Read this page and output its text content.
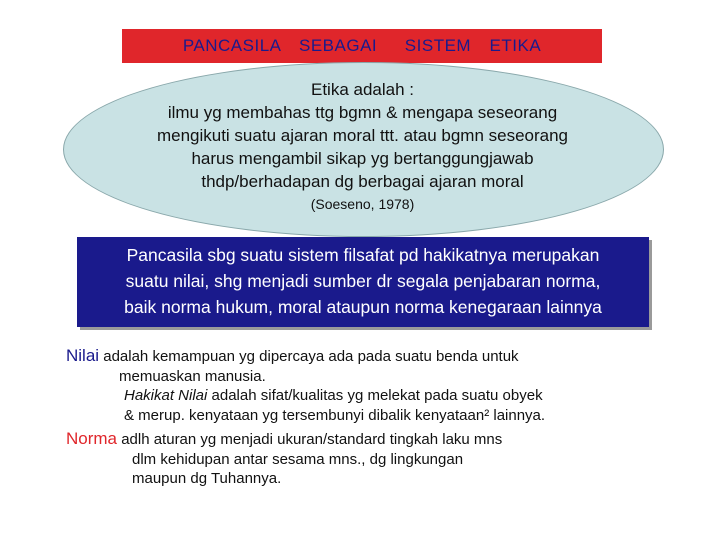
PANCASILA  SEBAGAI   SISTEM  ETIKA
Etika adalah :
ilmu yg membahas ttg bgmn & mengapa seseorang
mengikuti suatu ajaran moral ttt. atau bgmn seseorang
harus mengambil sikap yg bertanggungjawab
thdp/berhadapan dg berbagai ajaran moral
(Soeseno, 1978)
Pancasila sbg suatu sistem filsafat pd hakikatnya merupakan
suatu nilai, shg menjadi sumber dr segala penjabaran norma,
baik norma hukum, moral ataupun norma kenegaraan lainnya
Nilai adalah kemampuan yg dipercaya ada pada suatu benda untuk
memuaskan manusia.
Hakikat Nilai adalah sifat/kualitas yg melekat pada suatu obyek
& merup. kenyataan yg tersembunyi dibalik kenyataan² lainnya.
Norma adlh aturan yg menjadi ukuran/standard tingkah laku mns
dlm kehidupan antar sesama mns., dg lingkungan
maupun dg Tuhannya.
